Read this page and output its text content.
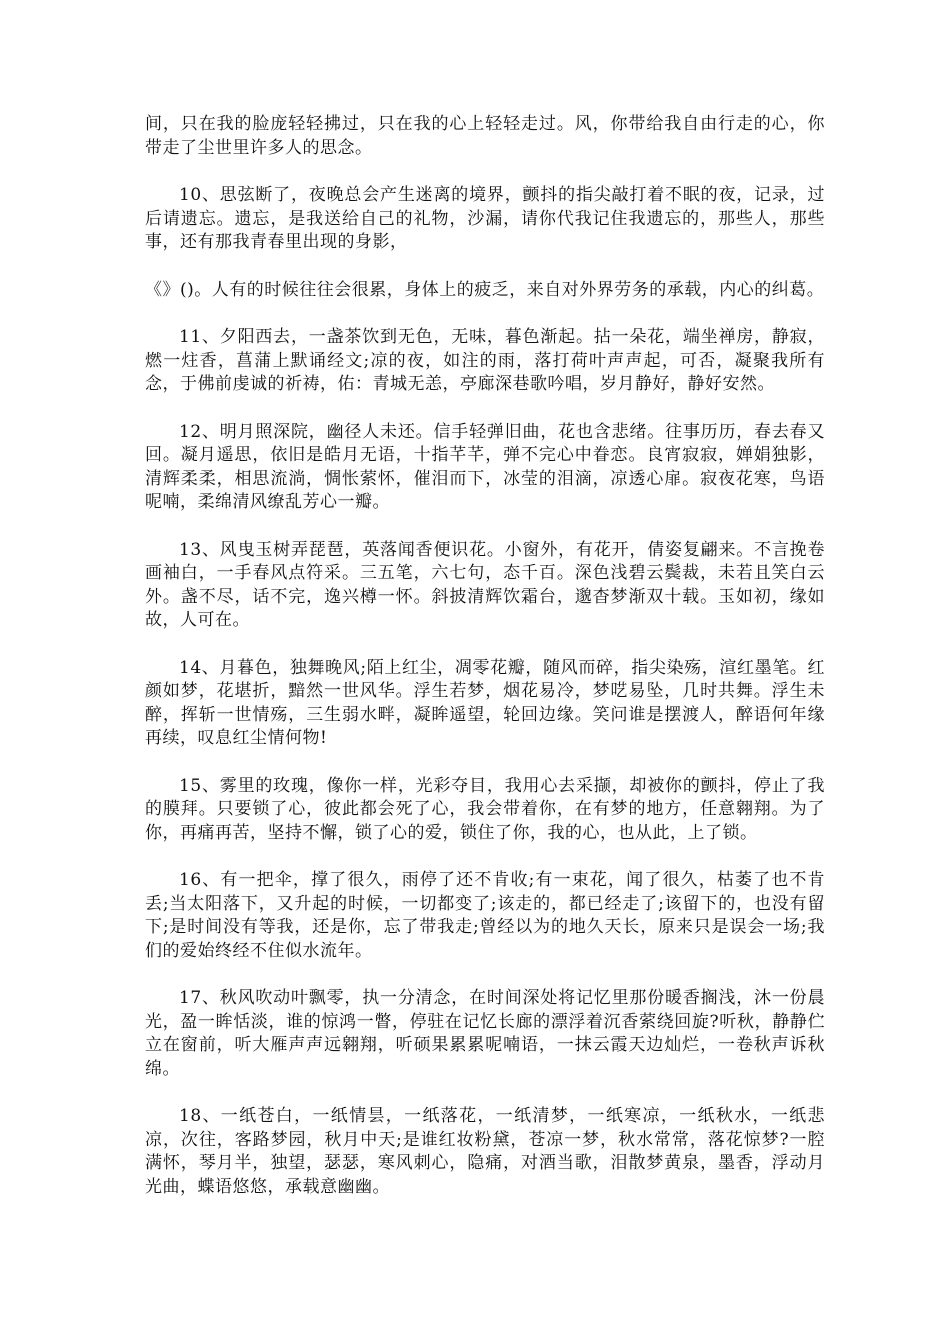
间，只在我的脸庞轻轻拂过，只在我的心上轻轻走过。风，你带给我自由行走的心，你带走了尘世里许多人的思念。

10、思弦断了，夜晚总会产生迷离的境界，颤抖的指尖敲打着不眠的夜，记录，过后请遗忘。遗忘，是我送给自己的礼物，沙漏，请你代我记住我遗忘的，那些人，那些事，还有那我青春里出现的身影，

《》()。人有的时候往往会很累，身体上的疲乏，来自对外界劳务的承载，内心的纠葛。

11、夕阳西去，一盏茶饮到无色，无味，暮色渐起。拈一朵花，端坐禅房，静寂，燃一炷香，菖蒲上默诵经文;凉的夜，如注的雨，落打荷叶声声起，可否，凝聚我所有念，于佛前虔诚的祈祷，佑：青城无恙，亭廊深巷歌吟唱，岁月静好，静好安然。

12、明月照深院，幽径人未还。信手轻弹旧曲，花也含悲绪。往事历历，春去春又回。凝月遥思，依旧是皓月无语，十指芊芊，弹不完心中眷恋。良宵寂寂，婵娟独影，清辉柔柔，相思流淌，惆怅萦怀，催泪而下，冰莹的泪滴，凉透心扉。寂夜花寒，鸟语呢喃，柔绵清风缭乱芳心一瓣。

13、风曳玉树弄琵琶，英落闻香便识花。小窗外，有花开，倩姿复翩来。不言挽卷画袖白，一手春风点符采。三五笔，六七句，态千百。深色浅碧云鬓裁，未若且笑白云外。盏不尽，话不完，逸兴樽一怀。斜披清辉饮霜台，邈杳梦渐双十载。玉如初，缘如故，人可在。

14、月暮色，独舞晚风;陌上红尘，凋零花瓣，随风而碎，指尖染殇，渲红墨笔。红颜如梦，花堪折，黯然一世风华。浮生若梦，烟花易冷，梦呓易坠，几时共舞。浮生未醉，挥斩一世情殇，三生弱水畔，凝眸遥望，轮回边缘。笑问谁是摆渡人，醉语何年缘再续，叹息红尘情何物!

15、雾里的玫瑰，像你一样，光彩夺目，我用心去采撷，却被你的颤抖，停止了我的膜拜。只要锁了心，彼此都会死了心，我会带着你，在有梦的地方，任意翱翔。为了你，再痛再苦，坚持不懈，锁了心的爱，锁住了你，我的心，也从此，上了锁。

16、有一把伞，撑了很久，雨停了还不肯收;有一束花，闻了很久，枯萎了也不肯丢;当太阳落下，又升起的时候，一切都变了;该走的，都已经走了;该留下的，也没有留下;是时间没有等我，还是你，忘了带我走;曾经以为的地久天长，原来只是误会一场;我们的爱始终经不住似水流年。

17、秋风吹动叶飘零，执一分清念，在时间深处将记忆里那份暖香搁浅，沐一份晨光，盈一眸恬淡，谁的惊鸿一瞥，停驻在记忆长廊的漂浮着沉香萦绕回旋?听秋，静静伫立在窗前，听大雁声声远翱翔，听硕果累累呢喃语，一抹云霞天边灿烂，一卷秋声诉秋绵。

18、一纸苍白，一纸情昙，一纸落花，一纸清梦，一纸寒凉，一纸秋水，一纸悲凉，次往，客路梦园，秋月中天;是谁红妆粉黛，苍凉一梦，秋水常常，落花惊梦?一腔满怀，琴月半，独望，瑟瑟，寒风刺心，隐痛，对酒当歌，泪散梦黄泉，墨香，浮动月光曲，蝶语悠悠，承载意幽幽。
